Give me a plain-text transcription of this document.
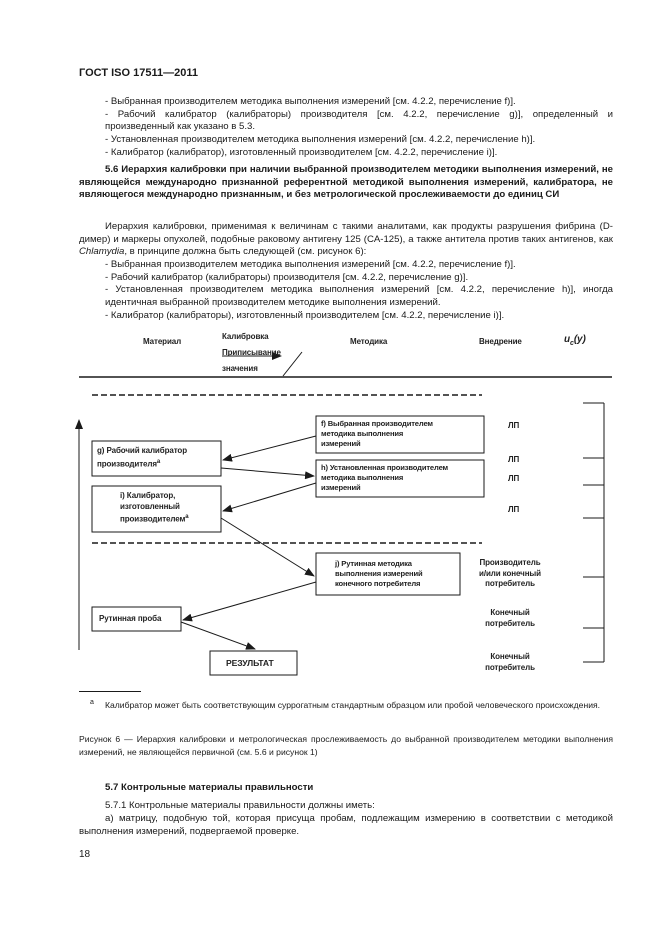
ГОСТ ISO 17511—2011
- Выбранная производителем методика выполнения измерений [см. 4.2.2, перечисление f)].
- Рабочий калибратор (калибраторы) производителя [см. 4.2.2, перечисление g)], определенный и произведенный как указано в 5.3.
- Установленная производителем методика выполнения измерений [см. 4.2.2, перечисление h)].
- Калибратор (калибратор), изготовленный производителем [см. 4.2.2, перечисление i)].
5.6 Иерархия калибровки при наличии выбранной производителем методики выполнения измерений, не являющейся международно признанной референтной методикой выполнения измерений, калибратора, не являющегося международно признанным, и без метрологической прослеживаемости до единиц СИ
Иерархия калибровки, применимая к величинам с такими аналитами, как продукты разрушения фибрина (D-димер) и маркеры опухолей, подобные раковому антигену 125 (CA-125), а также антитела против таких антигенов, как Chlamydia, в принципе должна быть следующей (см. рисунок 6):
- Выбранная производителем методика выполнения измерений [см. 4.2.2, перечисление f)].
- Рабочий калибратор (калибраторы) производителя [см. 4.2.2, перечисление g)].
- Установленная производителем методика выполнения измерений [см. 4.2.2, перечисление h)], иногда идентичная выбранной производителем методике выполнения измерений.
- Калибратор (калибраторы), изготовленный производителем [см. 4.2.2, перечисление i)].
Материал
Калибровка
Приписывание
значения
Методика	Внедрение	$u_c(y)$
g) Рабочий калибратор
производителя$^a$
i) Калибратор,
изготовленный
производителем$^a$
f) Выбранная производителем
методика выполнения
измерений
h) Установленная производителем
методика выполнения
измерений
j) Рутинная методика
выполнения измерений
конечного потребителя
Рутинная проба
РЕЗУЛЬТАТ
ЛП
ЛП
ЛП
ЛП
Производитель
и/или конечный
потребитель
Конечный
потребитель
Конечный
потребитель
$^a$ Калибратор может быть соответствующим суррогатным стандартным образцом или пробой человеческого происхождения.
Рисунок 6 — Иерархия калибровки и метрологическая прослеживаемость до выбранной производителем методики выполнения измерений, не являющейся первичной (см. 5.6 и рисунок 1)
5.7 Контрольные материалы правильности
5.7.1 Контрольные материалы правильности должны иметь:
а) матрицу, подобную той, которая присуща пробам, подлежащим измерению в соответствии с методикой выполнения измерений, подвергаемой проверке.
18
